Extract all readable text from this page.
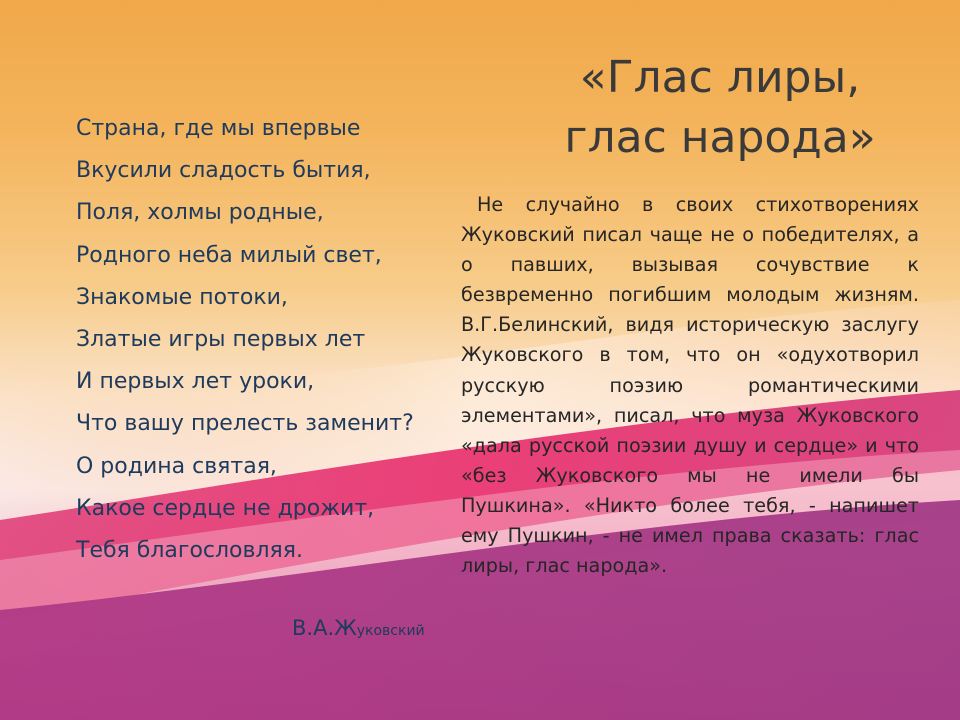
«Глас лиры,
глас народа»
Страна, где мы впервые
Вкусили сладость бытия,
Поля, холмы родные,
Родного неба милый свет,
Знакомые потоки,
Златые игры первых лет
И первых лет уроки,
Что вашу прелесть заменит?
О родина святая,
Какое сердце не дрожит,
Тебя благословляя.
В.А.Жуковский

Не случайно в своих стихотворениях Жуковский писал чаще не о победителях, а о павших, вызывая сочувствие к безвременно погибшим молодым жизням. В.Г.Белинский, видя историческую заслугу Жуковского в том, что он «одухотворил русскую поэзию романтическими элементами», писал, что муза Жуковского «дала русской поэзии душу и сердце» и что «без Жуковского мы не имели бы Пушкина». «Никто более тебя, - напишет ему Пушкин, - не имел права сказать: глас лиры, глас народа».
